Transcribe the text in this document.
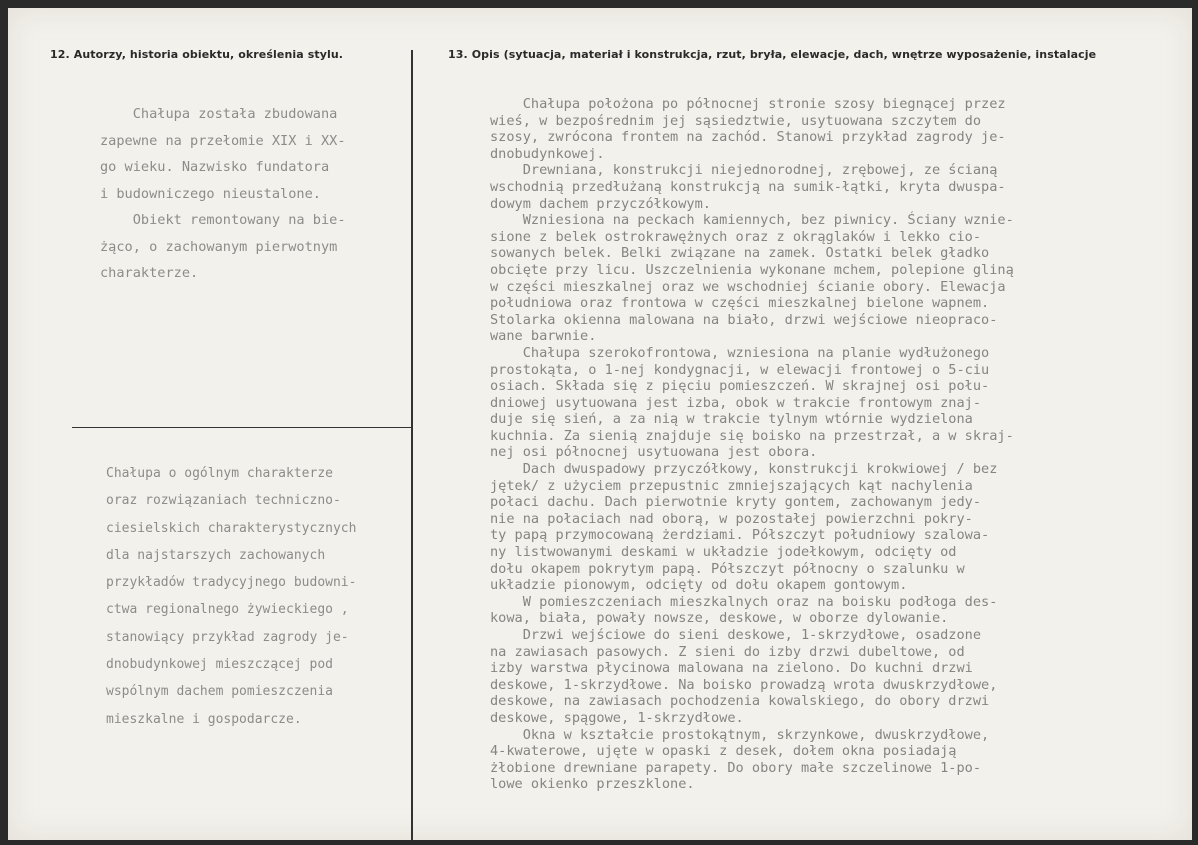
12. Autorzy, historia obiektu, określenia stylu.	13. Opis (sytuacja, materiał i konstrukcja, rzut, bryła, elewacje, dach, wnętrze wyposażenie, instalacje
Chałupa została zbudowana
zapewne na przełomie XIX i XX-
go wieku. Nazwisko fundatora
i budowniczego nieustalone.
Obiekt remontowany na bie-
żąco, o zachowanym pierwotnym
charakterze.
Chałupa o ogólnym charakterze
oraz rozwiązaniach techniczno-
ciesielskich charakterystycznych
dla najstarszych zachowanych
przykładów tradycyjnego budowni-
ctwa regionalnego żywieckiego ,
stanowiący przykład zagrody je-
dnobudynkowej mieszczącej pod
wspólnym dachem pomieszczenia
mieszkalne i gospodarcze.
Chałupa położona po północnej stronie szosy biegnącej przez
wieś, w bezpośrednim jej sąsiedztwie, usytuowana szczytem do
szosy, zwrócona frontem na zachód. Stanowi przykład zagrody je-
dnobudynkowej.
Drewniana, konstrukcji niejednorodnej, zrębowej, ze ścianą
wschodnią przedłużaną konstrukcją na sumik-łątki, kryta dwuspa-
dowym dachem przyczółkowym.
Wzniesiona na peckach kamiennych, bez piwnicy. Ściany wznie-
sione z belek ostrokrawężnych oraz z okrąglaków i lekko cio-
sowanych belek. Belki związane na zamek. Ostatki belek gładko
obcięte przy licu. Uszczelnienia wykonane mchem, polepione gliną
w części mieszkalnej oraz we wschodniej ścianie obory. Elewacja
południowa oraz frontowa w części mieszkalnej bielone wapnem.
Stolarka okienna malowana na biało, drzwi wejściowe nieopraco-
wane barwnie.
Chałupa szerokofrontowa, wzniesiona na planie wydłużonego
prostokąta, o 1-nej kondygnacji, w elewacji frontowej o 5-ciu
osiach. Składa się z pięciu pomieszczeń. W skrajnej osi połu-
dniowej usytuowana jest izba, obok w trakcie frontowym znaj-
duje się sień, a za nią w trakcie tylnym wtórnie wydzielona
kuchnia. Za sienią znajduje się boisko na przestrzał, a w skraj-
nej osi północnej usytuowana jest obora.
Dach dwuspadowy przyczółkowy, konstrukcji krokwiowej / bez
jętek/ z użyciem przepustnic zmniejszających kąt nachylenia
połaci dachu. Dach pierwotnie kryty gontem, zachowanym jedy-
nie na połaciach nad oborą, w pozostałej powierzchni pokry-
ty papą przymocowaną żerdziami. Półszczyt południowy szalowa-
ny listwowanymi deskami w układzie jodełkowym, odcięty od
dołu okapem pokrytym papą. Półszczyt północny o szalunku w
układzie pionowym, odcięty od dołu okapem gontowym.
W pomieszczeniach mieszkalnych oraz na boisku podłoga des-
kowa, biała, powały nowsze, deskowe, w oborze dylowanie.
Drzwi wejściowe do sieni deskowe, 1-skrzydłowe, osadzone
na zawiasach pasowych. Z sieni do izby drzwi dubeltowe, od
izby warstwa płycinowa malowana na zielono. Do kuchni drzwi
deskowe, 1-skrzydłowe. Na boisko prowadzą wrota dwuskrzydłowe,
deskowe, na zawiasach pochodzenia kowalskiego, do obory drzwi
deskowe, spągowe, 1-skrzydłowe.
Okna w kształcie prostokątnym, skrzynkowe, dwuskrzydłowe,
4-kwaterowe, ujęte w opaski z desek, dołem okna posiadają
żłobione drewniane parapety. Do obory małe szczelinowe 1-po-
lowe okienko przeszklone.
